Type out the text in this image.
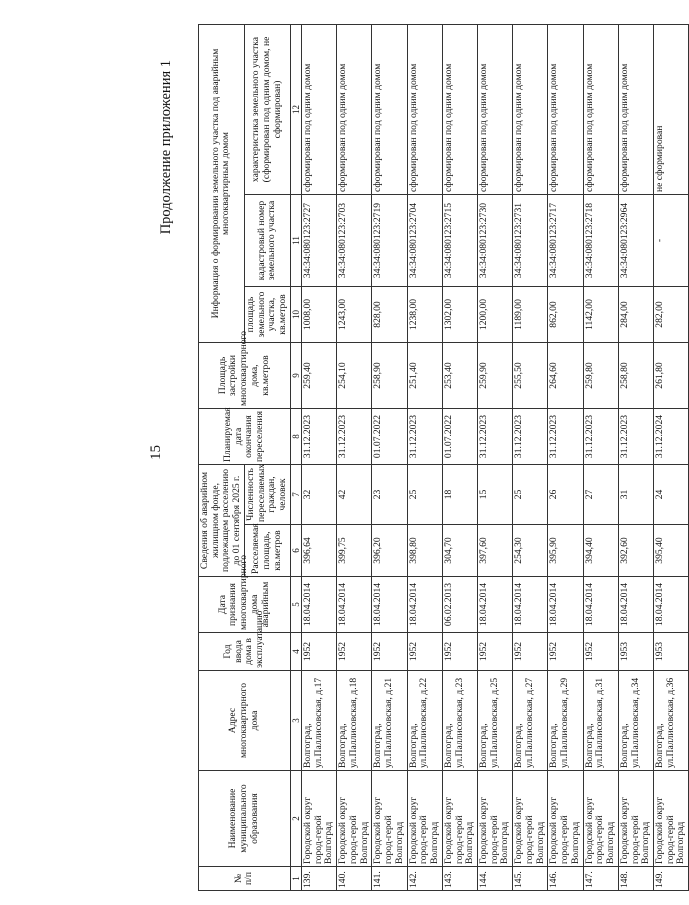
15
Продолжение приложения 1
№ п/п	Наименование муниципального образования	Адрес многоквартирного дома	Год ввода дома в эксплуатацию	Дата признания многоквартирного дома аварийным	Сведения об аварийном жилищном фонде, подлежащем расселению до 01 сентября 2025 г.		Планируемая дата окончания переселения	Площадь застройки многоквартирного дома, кв.метров	Информация о формировании земельного участка под аварийным многоквартирным домом		
					Расселяемая площадь, кв.метров	Численность переселяемых граждан, человек			площадь земельного участка, кв.метров	кадастровый номер земельного участка	характеристика земельного участка (сформирован под одним домом, не сформирован)
1	2	3	4	5	6	7	8	9	10	11	12
139.	Городской округ город-герой Волгоград	Волгоград, ул.Паллисовская, д.17	1952	18.04.2014	396,64	32	31.12.2023	259,40	1008,00	34:34:080123:2727	сформирован под одним домом
140.	Городской округ город-герой Волгоград	Волгоград, ул.Паллисовская, д.18	1952	18.04.2014	399,75	42	31.12.2023	254,10	1243,00	34:34:080123:2703	сформирован под одним домом
141.	Городской округ город-герой Волгоград	Волгоград, ул.Паллисовская, д.21	1952	18.04.2014	396,20	23	01.07.2022	258,90	828,00	34:34:080123:2719	сформирован под одним домом
142.	Городской округ город-герой Волгоград	Волгоград, ул.Паллисовская, д.22	1952	18.04.2014	398,80	25	31.12.2023	251,40	1238,00	34:34:080123:2704	сформирован под одним домом
143.	Городской округ город-герой Волгоград	Волгоград, ул.Паллисовская, д.23	1952	06.02.2013	304,70	18	01.07.2022	253,40	1302,00	34:34:080123:2715	сформирован под одним домом
144.	Городской округ город-герой Волгоград	Волгоград, ул.Паллисовская, д.25	1952	18.04.2014	397,60	15	31.12.2023	259,90	1200,00	34:34:080123:2730	сформирован под одним домом
145.	Городской округ город-герой Волгоград	Волгоград, ул.Паллисовская, д.27	1952	18.04.2014	254,30	25	31.12.2023	255,50	1189,00	34:34:080123:2731	сформирован под одним домом
146.	Городской округ город-герой Волгоград	Волгоград, ул.Паллисовская, д.29	1952	18.04.2014	395,90	26	31.12.2023	264,60	862,00	34:34:080123:2717	сформирован под одним домом
147.	Городской округ город-герой Волгоград	Волгоград, ул.Паллисовская, д.31	1952	18.04.2014	394,40	27	31.12.2023	259,80	1142,00	34:34:080123:2718	сформирован под одним домом
148.	Городской округ город-герой Волгоград	Волгоград, ул.Паллисовская, д.34	1953	18.04.2014	392,60	31	31.12.2023	258,80	284,00	34:34:080123:2964	сформирован под одним домом
149.	Городской округ город-герой Волгоград	Волгоград, ул.Паллисовская, д.36	1953	18.04.2014	395,40	24	31.12.2024	261,80	282,00	-	не сформирован
